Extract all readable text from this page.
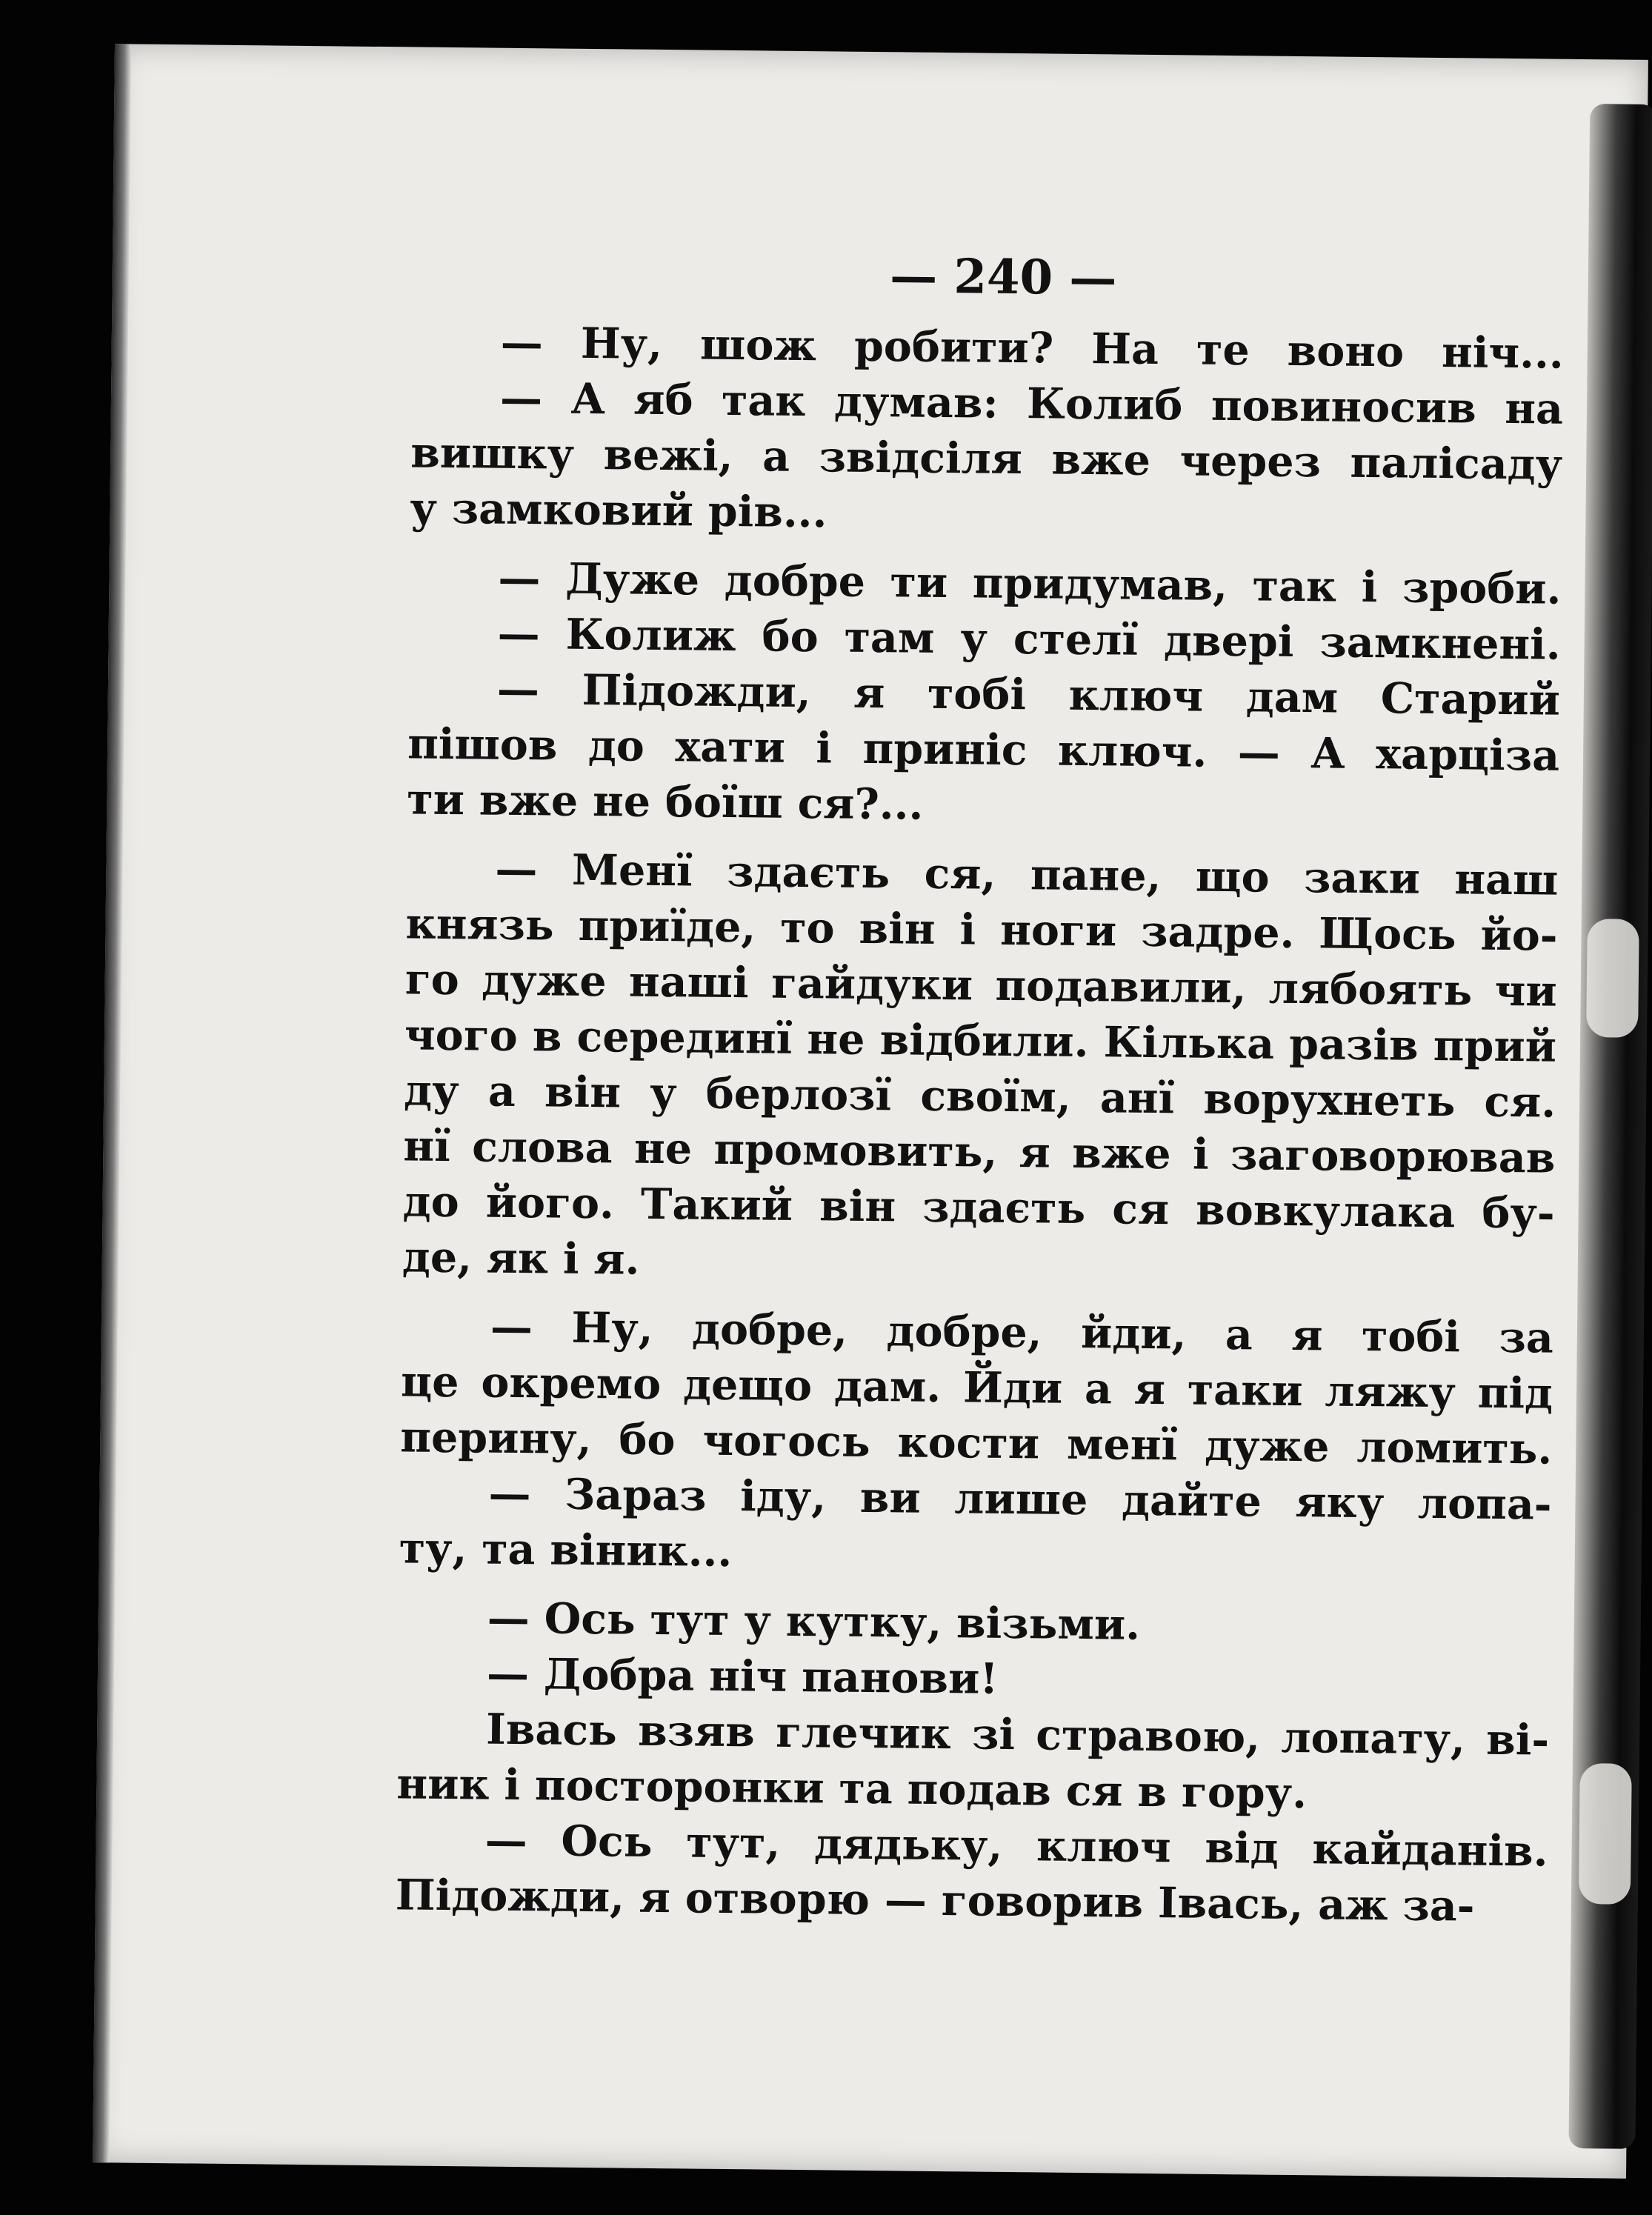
— 240 —
— Ну, шож робити? На те воно ніч...
— А яб так думав: Колиб повиносив на
вишку вежі, а звідсіля вже через палісаду
у замковий рів...
— Дуже добре ти придумав, так і зроби.
— Колиж бо там у стелї двері замкнені.
— Підожди, я тобі ключ дам Старий
пішов до хати і приніс ключ. — А харцiза
ти вже не боїш ся?...
— Менї здаєть ся, пане, що заки наш
князь приїде, то він і ноги задре. Щось йо-
го дуже наші гайдуки подавили, лябоять чи
чого в серединї не відбили. Кілька разів прий
ду а він у берлозї своїм, анї ворухнеть ся.
нї слова не промовить, я вже і заговорював
до його. Такий він здаєть ся вовкулака бу-
де, як і я.
— Ну, добре, добре, йди, а я тобі за
це окремо дещо дам. Йди а я таки ляжу під
перину, бо чогось кости менї дуже ломить.
— Зараз іду, ви лише дайте яку лопа-
ту, та віник...
— Ось тут у кутку, візьми.
— Добра ніч панови!
Івась взяв глечик зі стравою, лопату, ві-
ник і посторонки та подав ся в гору.
— Ось тут, дядьку, ключ від кайданів.
Підожди, я отворю — говорив Івась, аж за-
